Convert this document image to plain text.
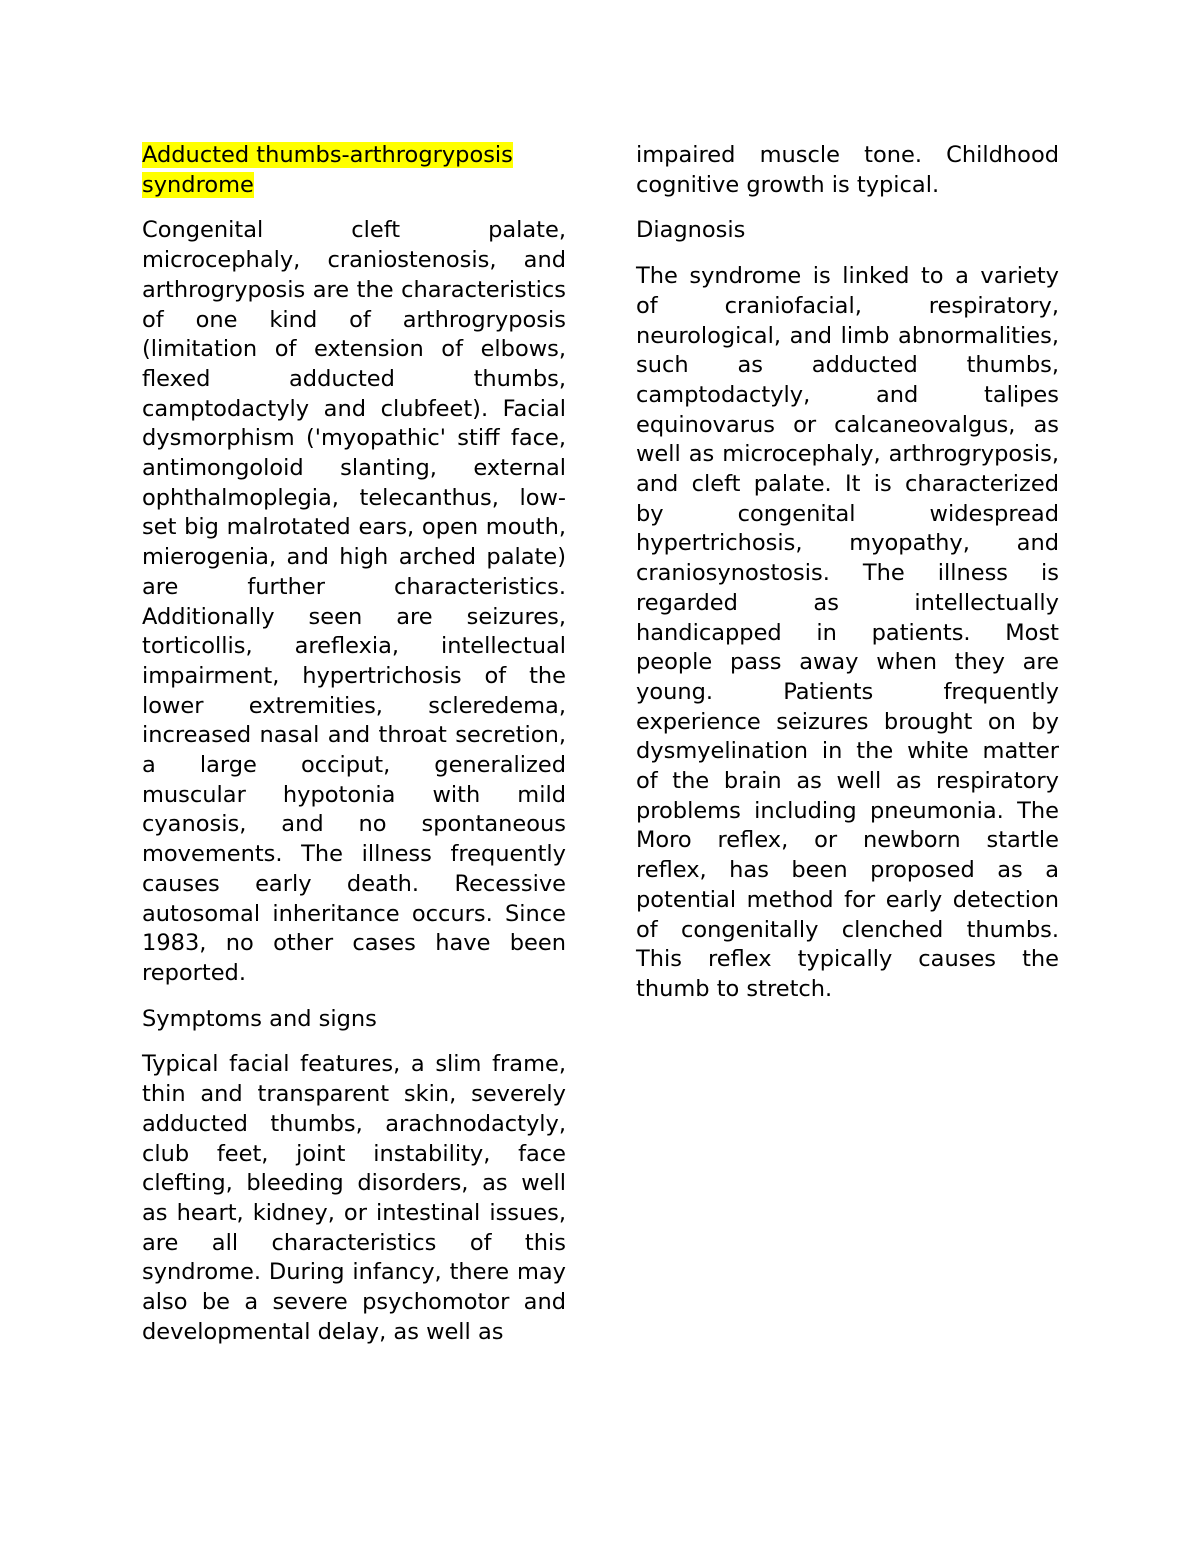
Adducted thumbs-arthrogryposis syndrome

Congenital cleft palate, microcephaly, craniostenosis, and arthrogryposis are the characteristics of one kind of arthrogryposis (limitation of extension of elbows, flexed adducted thumbs, camptodactyly and clubfeet). Facial dysmorphism ('myopathic' stiff face, antimongoloid slanting, external ophthalmoplegia, telecanthus, low-set big malrotated ears, open mouth, mierogenia, and high arched palate) are further characteristics. Additionally seen are seizures, torticollis, areflexia, intellectual impairment, hypertrichosis of the lower extremities, scleredema, increased nasal and throat secretion, a large occiput, generalized muscular hypotonia with mild cyanosis, and no spontaneous movements. The illness frequently causes early death. Recessive autosomal inheritance occurs. Since 1983, no other cases have been reported.

Symptoms and signs

Typical facial features, a slim frame, thin and transparent skin, severely adducted thumbs, arachnodactyly, club feet, joint instability, face clefting, bleeding disorders, as well as heart, kidney, or intestinal issues, are all characteristics of this syndrome. During infancy, there may also be a severe psychomotor and developmental delay, as well as

impaired muscle tone. Childhood cognitive growth is typical.

Diagnosis

The syndrome is linked to a variety of craniofacial, respiratory, neurological, and limb abnormalities, such as adducted thumbs, camptodactyly, and talipes equinovarus or calcaneovalgus, as well as microcephaly, arthrogryposis, and cleft palate. It is characterized by congenital widespread hypertrichosis, myopathy, and craniosynostosis. The illness is regarded as intellectually handicapped in patients. Most people pass away when they are young. Patients frequently experience seizures brought on by dysmyelination in the white matter of the brain as well as respiratory problems including pneumonia. The Moro reflex, or newborn startle reflex, has been proposed as a potential method for early detection of congenitally clenched thumbs. This reflex typically causes the thumb to stretch.
